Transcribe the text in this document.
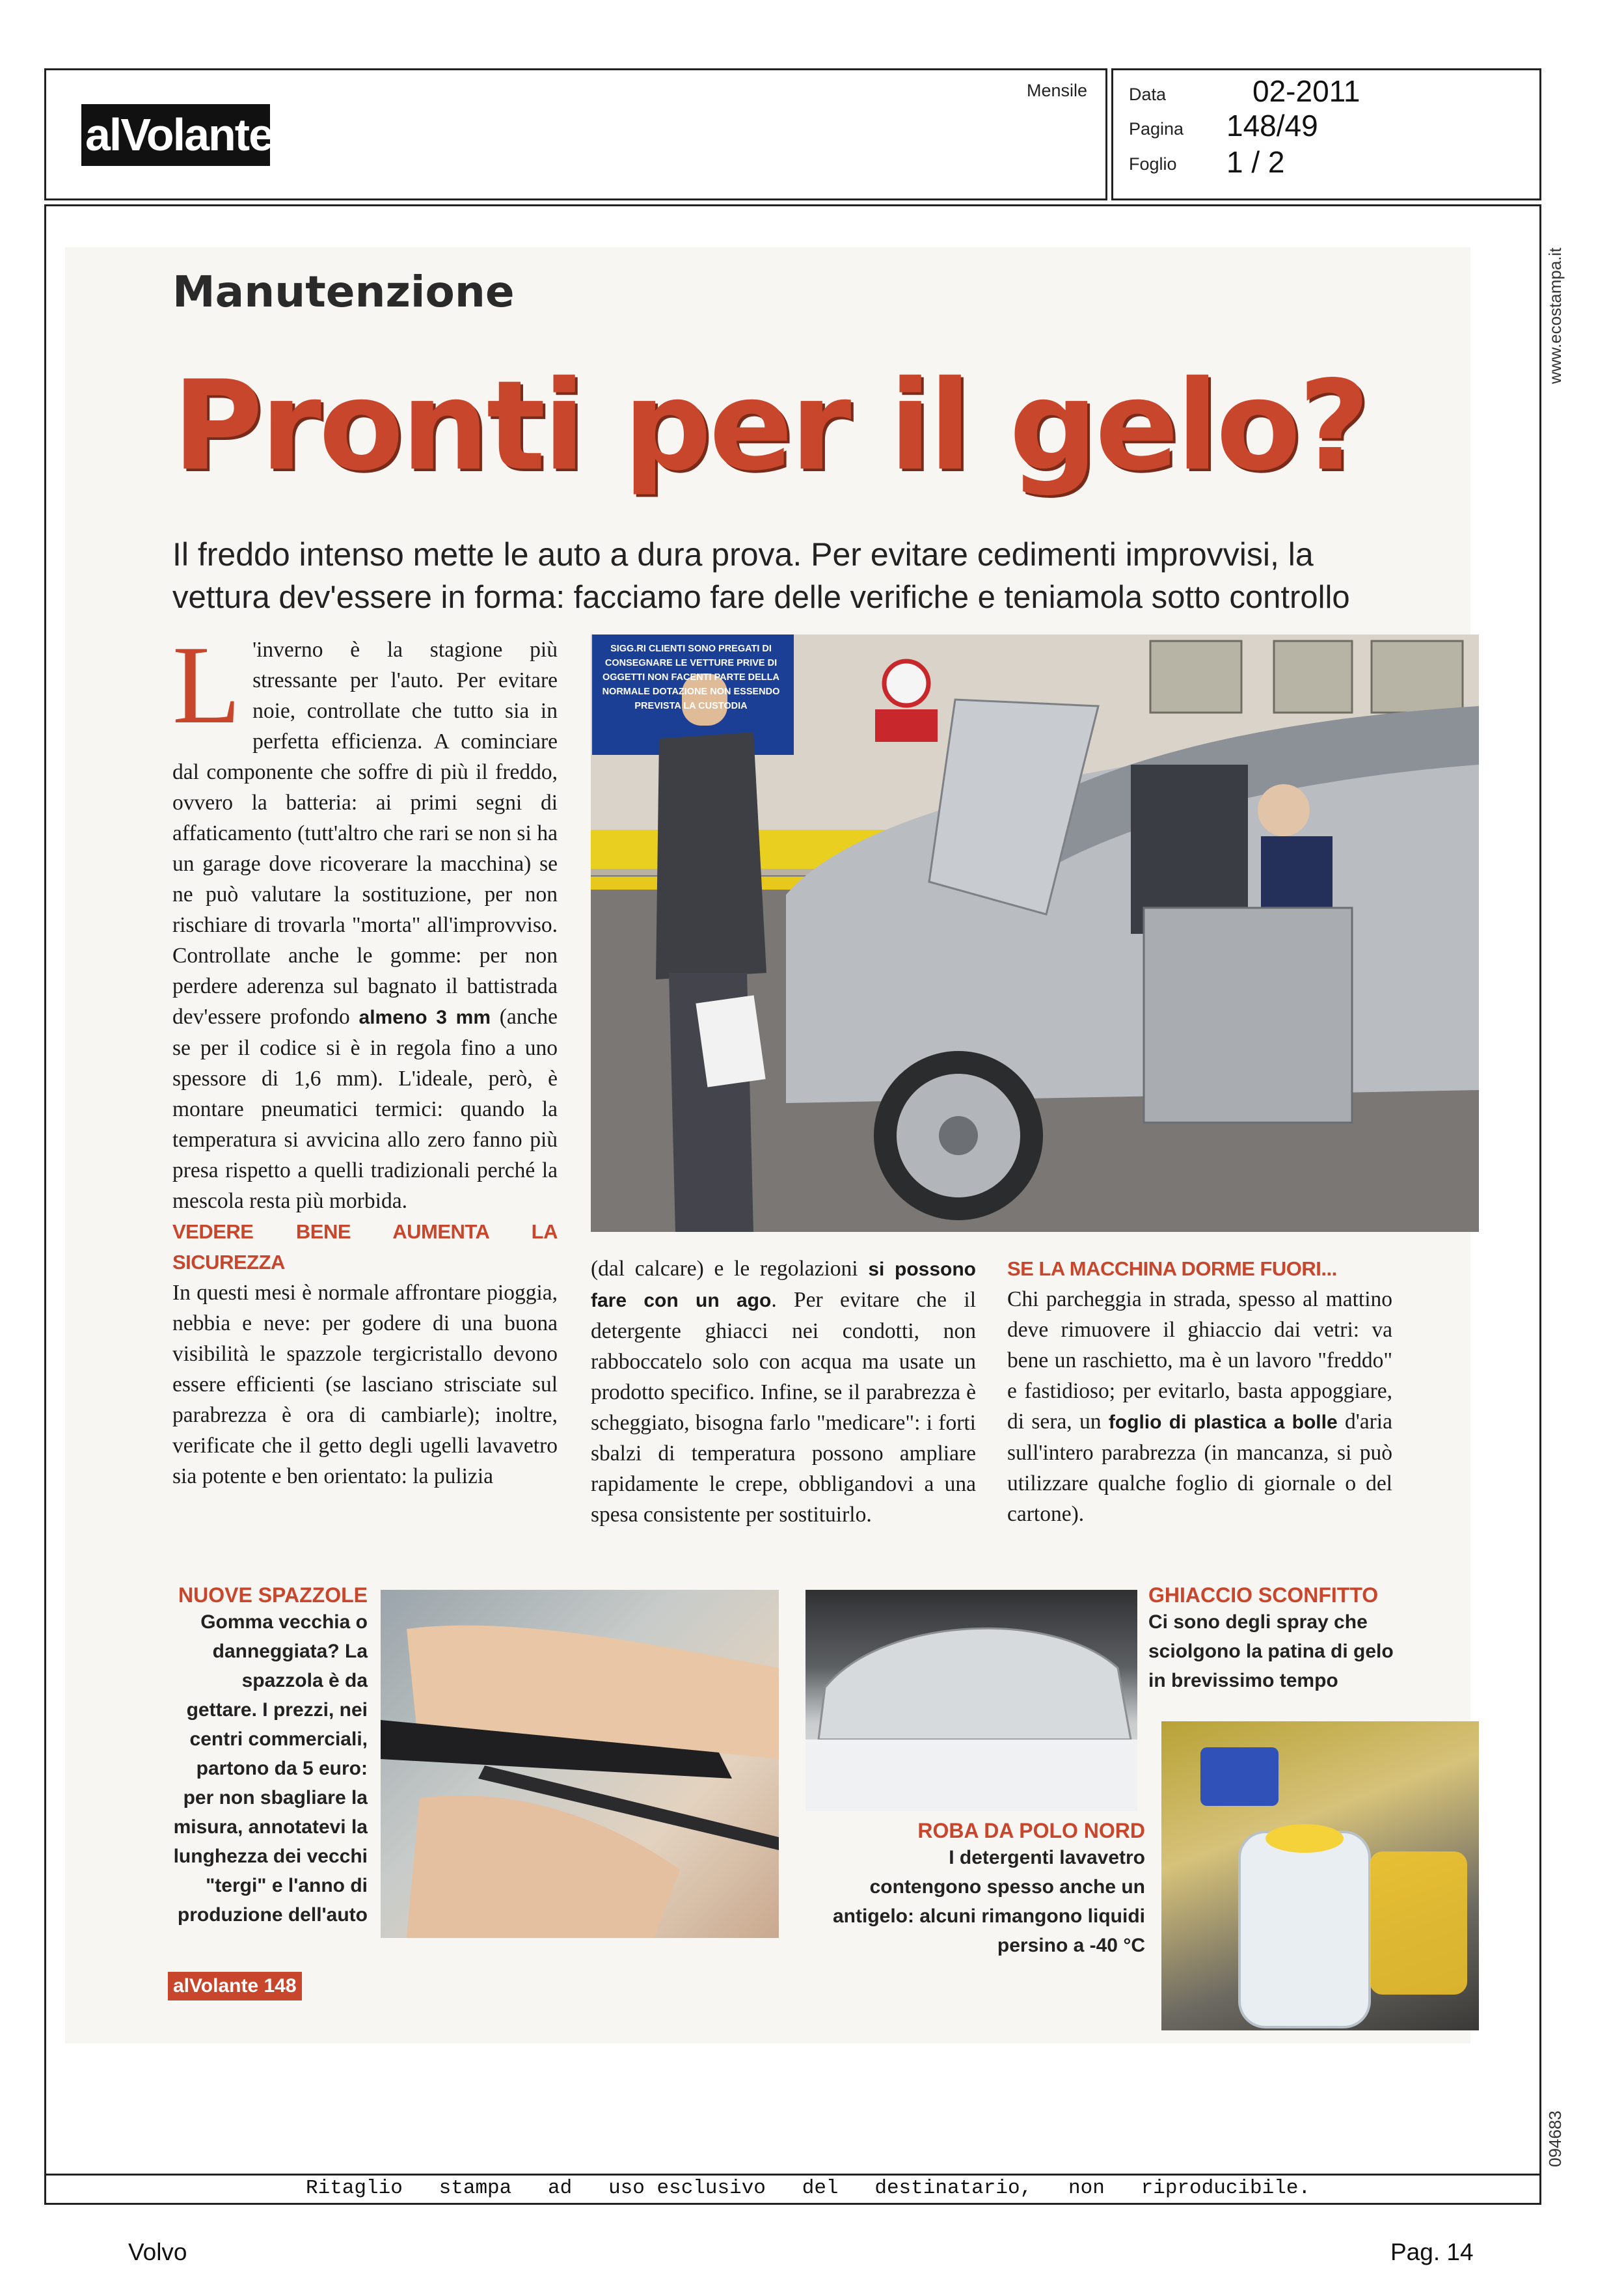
alVolante
Mensile Data	02-2011
Pagina 148/49
Foglio 1 / 2
www.ecostampa.it
094683
Manutenzione
Pronti per il gelo?
Il freddo intenso mette le auto a dura prova. Per evitare cedimenti improvvisi, la
vettura dev'essere in forma: facciamo fare delle verifiche e teniamola sotto controllo

L 'inverno è la stagione più stressante per l'auto. Per evitare noie, controllate che tutto sia in perfetta efficienza. A cominciare dal componente che soffre di più il freddo, ovvero la batteria: ai primi segni di affaticamento (tutt'altro che rari se non si ha un garage dove ricoverare la macchina) se ne può valutare la sostituzione, per non rischiare di trovarla "morta" all'improvviso. Controllate anche le gomme: per non perdere aderenza sul bagnato il battistrada dev'essere profondo almeno 3 mm (anche se per il codice si è in regola fino a uno spessore di 1,6 mm). L'ideale, però, è montare pneumatici termici: quando la temperatura si avvicina allo zero fanno più presa rispetto a quelli tradizionali perché la mescola resta più morbida.

VEDERE BENE AUMENTA LA SICUREZZA

In questi mesi è normale affrontare pioggia, nebbia e neve: per godere di una buona visibilità le spazzole tergicristallo devono essere efficienti (se lasciano strisciate sul parabrezza è ora di cambiarle); inoltre, verificate che il getto degli ugelli lavavetro sia potente e ben orientato: la pulizia

SIGG.RI CLIENTI SONO PREGATI DI CONSEGNARE LE VETTURE PRIVE DI OGGETTI NON FACENTI PARTE DELLA NORMALE DOTAZIONE NON ESSENDO PREVISTA LA CUSTODIA

(dal calcare) e le regolazioni si possono fare con un ago. Per evitare che il detergente ghiacci nei condotti, non rabboccatelo solo con acqua ma usate un prodotto specifico. Infine, se il parabrezza è scheggiato, bisogna farlo "medicare": i forti sbalzi di temperatura possono ampliare rapidamente le crepe, obbligandovi a una spesa consistente per sostituirlo.

SE LA MACCHINA DORME FUORI...

Chi parcheggia in strada, spesso al mattino deve rimuovere il ghiaccio dai vetri: va bene un raschietto, ma è un lavoro "freddo" e fastidioso; per evitarlo, basta appoggiare, di sera, un foglio di plastica a bolle d'aria sull'intero parabrezza (in mancanza, si può utilizzare qualche foglio di giornale o del cartone).

NUOVE SPAZZOLE
Gomma vecchia o danneggiata? La spazzola è da gettare. I prezzi, nei centri commerciali, partono da 5 euro: per non sbagliare la misura, annotatevi la lunghezza dei vecchi "tergi" e l'anno di produzione dell'auto
ROBA DA POLO NORD
I detergenti lavavetro contengono spesso anche un antigelo: alcuni rimangono liquidi persino a -40 °C
GHIACCIO SCONFITTO
Ci sono degli spray che sciolgono la patina di gelo in brevissimo tempo
alVolante 148
Ritaglio   stampa   ad   uso esclusivo   del   destinatario,   non   riproducibile.
Volvo	Pag. 14
